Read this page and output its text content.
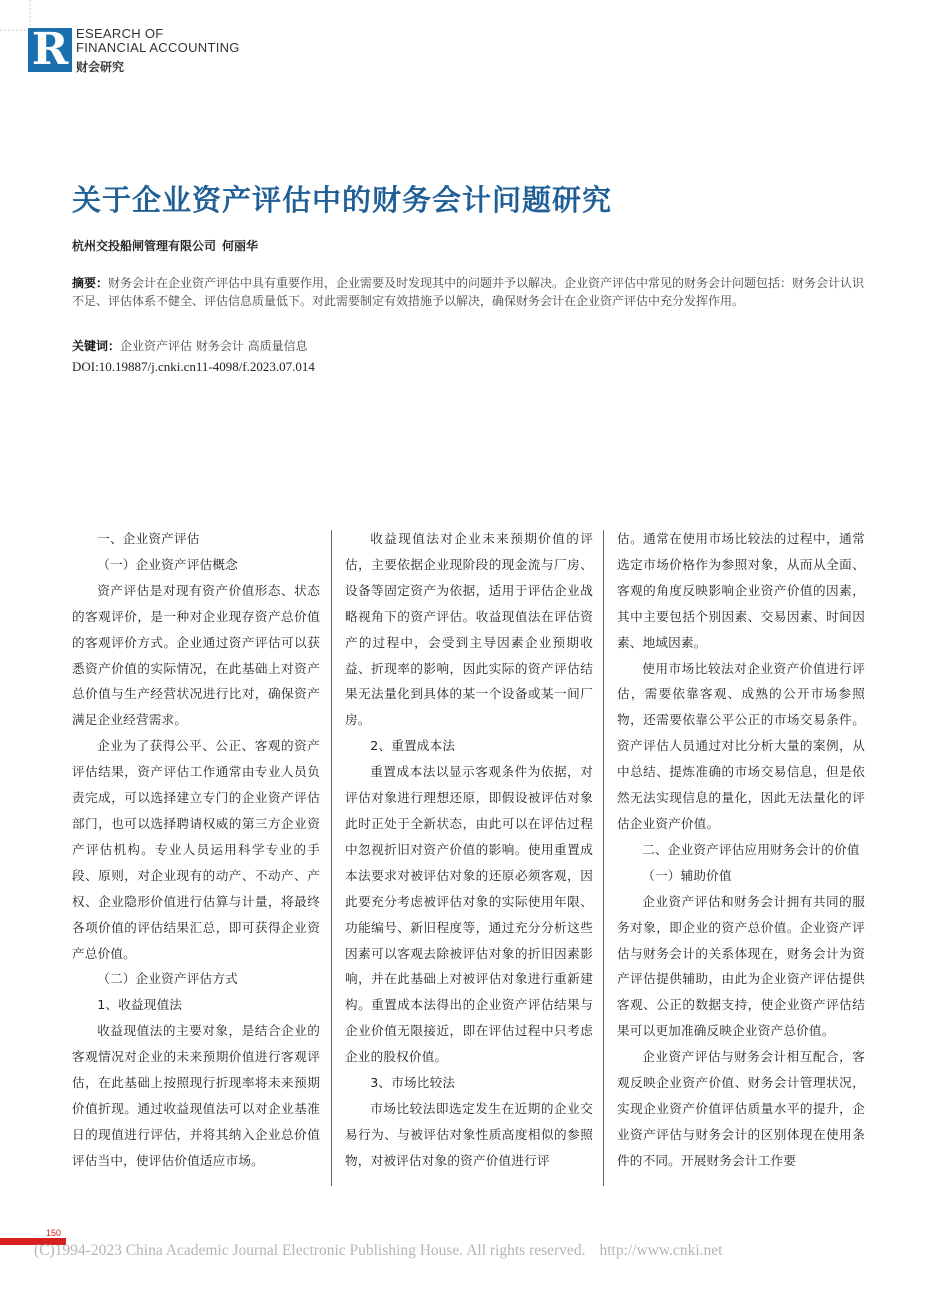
R ESEARCH OF
FINANCIAL ACCOUNTING
财会研究
关于企业资产评估中的财务会计问题研究
杭州交投船闸管理有限公司 何丽华
摘要：财务会计在企业资产评估中具有重要作用，企业需要及时发现其中的问题并予以解决。企业资产评估中常见的财务会计问题包括：财务会计认识不足、评估体系不健全、评估信息质量低下。对此需要制定有效措施予以解决，确保财务会计在企业资产评估中充分发挥作用。
关键词：企业资产评估 财务会计 高质量信息
DOI:10.19887/j.cnki.cn11-4098/f.2023.07.014

一、企业资产评估

（一）企业资产评估概念

资产评估是对现有资产价值形态、状态的客观评价，是一种对企业现存资产总价值的客观评价方式。企业通过资产评估可以获悉资产价值的实际情况，在此基础上对资产总价值与生产经营状况进行比对，确保资产满足企业经营需求。

企业为了获得公平、公正、客观的资产评估结果，资产评估工作通常由专业人员负责完成，可以选择建立专门的企业资产评估部门，也可以选择聘请权威的第三方企业资产评估机构。专业人员运用科学专业的手段、原则，对企业现有的动产、不动产、产权、企业隐形价值进行估算与计量，将最终各项价值的评估结果汇总，即可获得企业资产总价值。

（二）企业资产评估方式

1、收益现值法

收益现值法的主要对象，是结合企业的客观情况对企业的未来预期价值进行客观评估，在此基础上按照现行折现率将未来预期价值折现。通过收益现值法可以对企业基准日的现值进行评估，并将其纳入企业总价值评估当中，使评估价值适应市场。

收益现值法对企业未来预期价值的评估，主要依据企业现阶段的现金流与厂房、设备等固定资产为依据，适用于评估企业战略视角下的资产评估。收益现值法在评估资产的过程中，会受到主导因素企业预期收益、折现率的影响，因此实际的资产评估结果无法量化到具体的某一个设备或某一间厂房。

2、重置成本法

重置成本法以显示客观条件为依据，对评估对象进行理想还原，即假设被评估对象此时正处于全新状态，由此可以在评估过程中忽视折旧对资产价值的影响。使用重置成本法要求对被评估对象的还原必须客观，因此要充分考虑被评估对象的实际使用年限、功能编号、新旧程度等，通过充分分析这些因素可以客观去除被评估对象的折旧因素影响，并在此基础上对被评估对象进行重新建构。重置成本法得出的企业资产评估结果与企业价值无限接近，即在评估过程中只考虑企业的股权价值。

3、市场比较法

市场比较法即选定发生在近期的企业交易行为、与被评估对象性质高度相似的参照物，对被评估对象的资产价值进行评

估。通常在使用市场比较法的过程中，通常选定市场价格作为参照对象，从而从全面、客观的角度反映影响企业资产价值的因素，其中主要包括个别因素、交易因素、时间因素、地域因素。

使用市场比较法对企业资产价值进行评估，需要依靠客观、成熟的公开市场参照物，还需要依靠公平公正的市场交易条件。资产评估人员通过对比分析大量的案例，从中总结、提炼准确的市场交易信息，但是依然无法实现信息的量化，因此无法量化的评估企业资产价值。

二、企业资产评估应用财务会计的价值

（一）辅助价值

企业资产评估和财务会计拥有共同的服务对象，即企业的资产总价值。企业资产评估与财务会计的关系体现在，财务会计为资产评估提供辅助，由此为企业资产评估提供客观、公正的数据支持，使企业资产评估结果可以更加准确反映企业资产总价值。

企业资产评估与财务会计相互配合，客观反映企业资产价值、财务会计管理状况，实现企业资产价值评估质量水平的提升，企业资产评估与财务会计的区别体现在使用条件的不同。开展财务会计工作要

150
(C)1994-2023 China Academic Journal Electronic Publishing House. All rights reserved. http://www.cnki.net
